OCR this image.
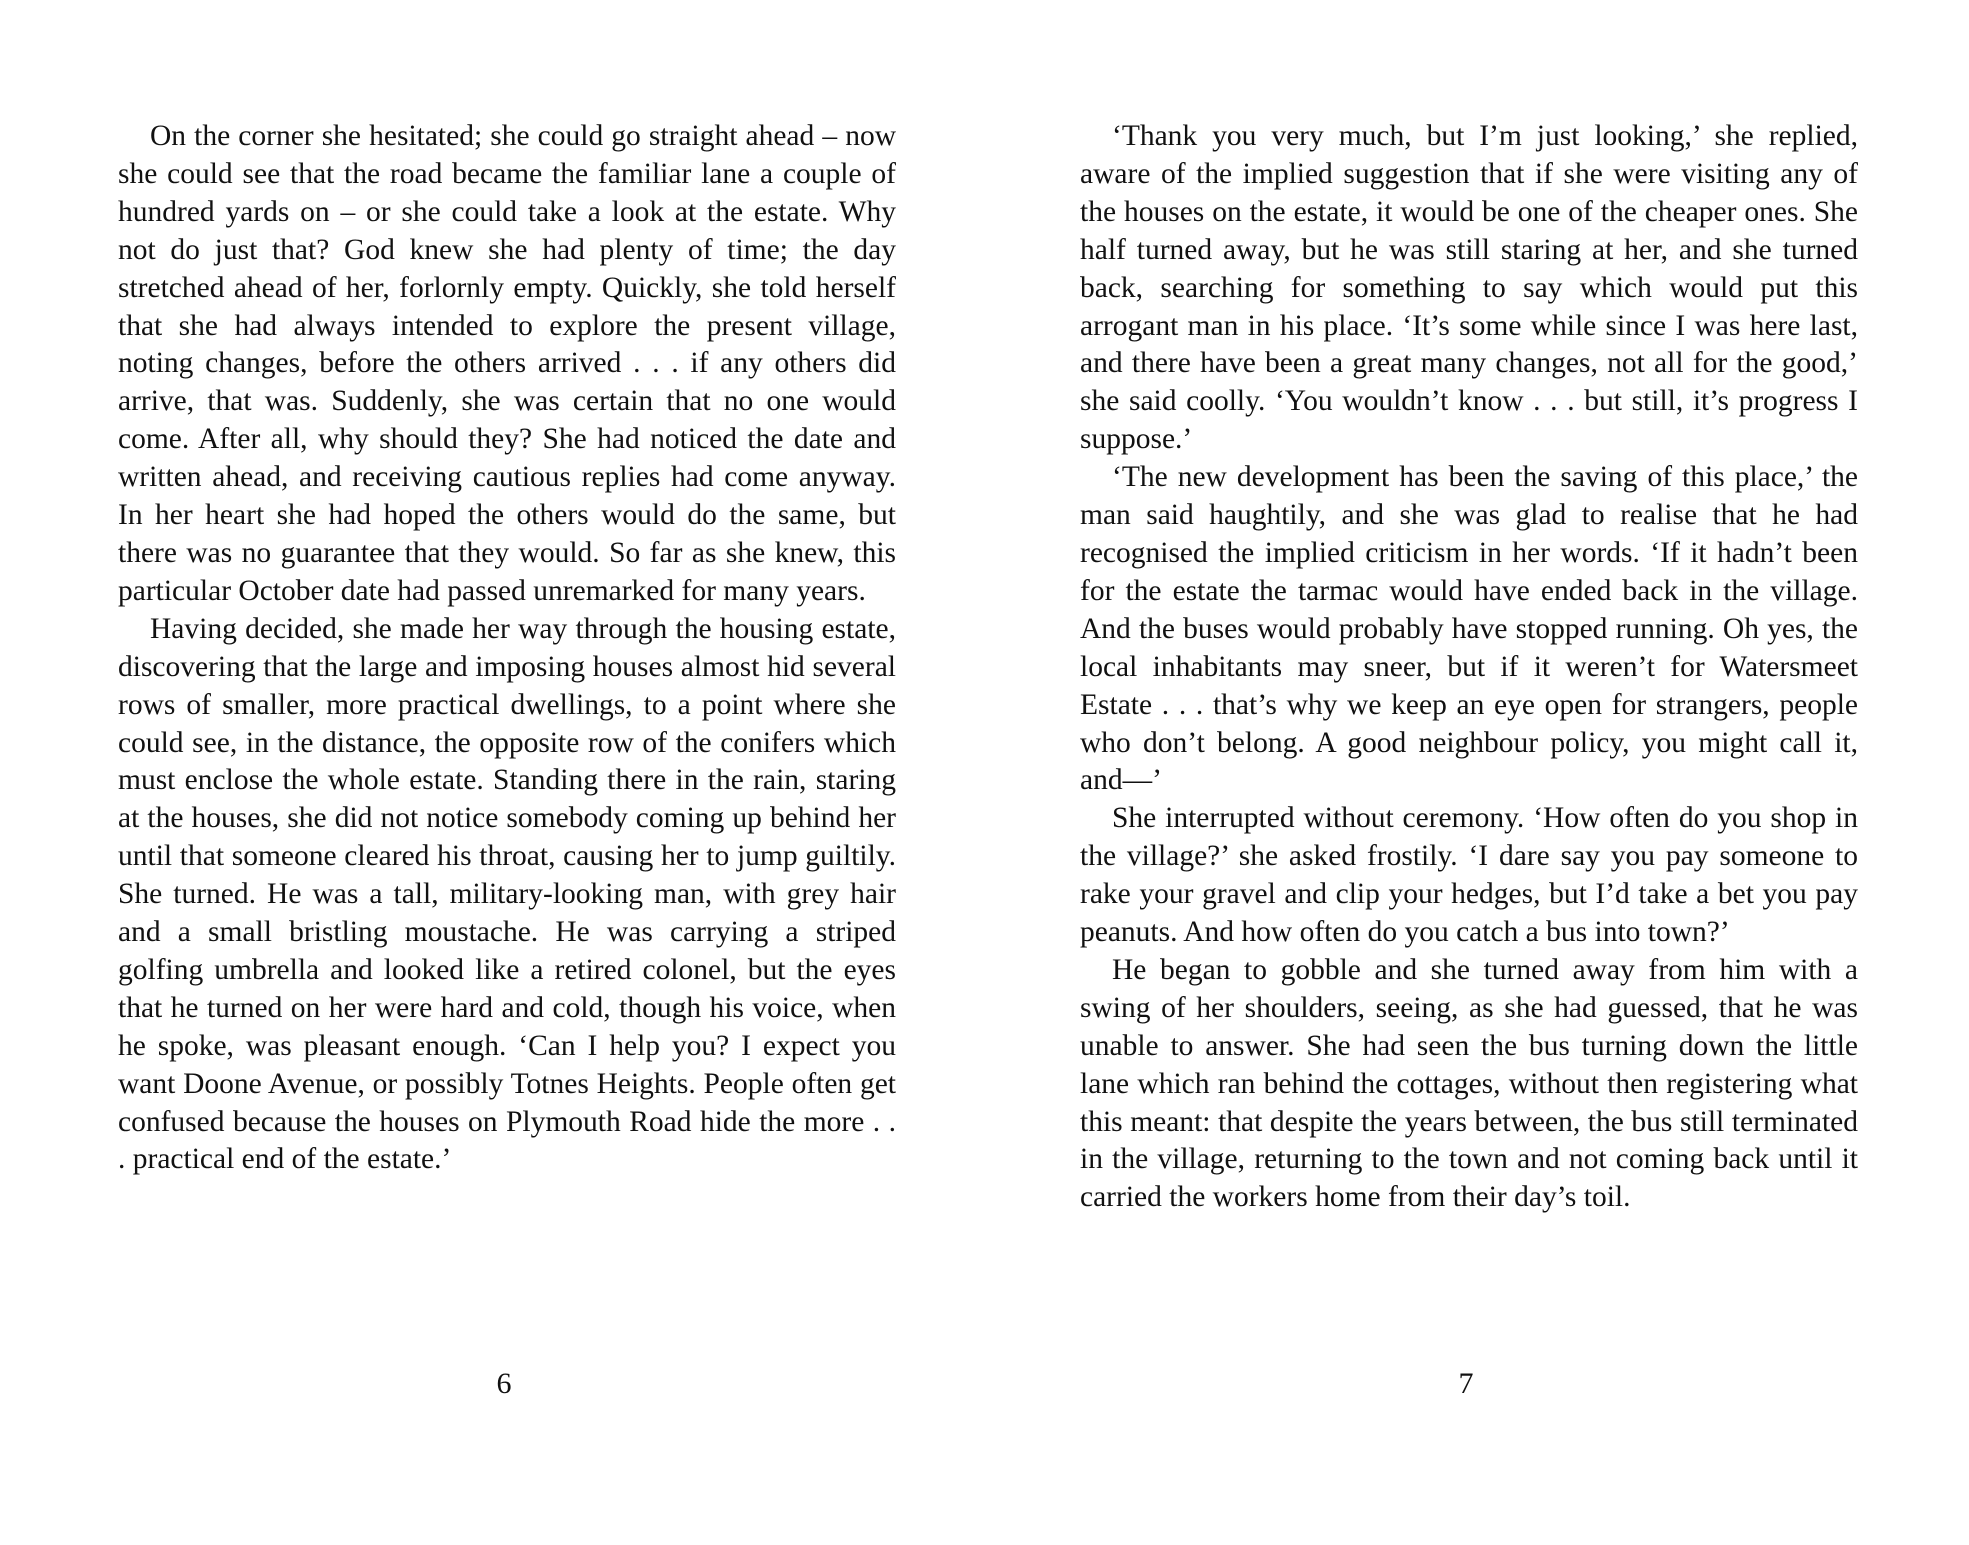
On the corner she hesitated; she could go straight ahead – now she could see that the road became the familiar lane a couple of hundred yards on – or she could take a look at the estate. Why not do just that? God knew she had plenty of time; the day stretched ahead of her, forlornly empty. Quickly, she told herself that she had always intended to explore the present village, noting changes, before the others arrived . . . if any others did arrive, that was. Suddenly, she was certain that no one would come. After all, why should they? She had noticed the date and written ahead, and receiving cautious replies had come anyway. In her heart she had hoped the others would do the same, but there was no guarantee that they would. So far as she knew, this particular October date had passed unremarked for many years.

Having decided, she made her way through the housing estate, discovering that the large and imposing houses almost hid several rows of smaller, more practical dwellings, to a point where she could see, in the distance, the opposite row of the conifers which must enclose the whole estate. Standing there in the rain, staring at the houses, she did not notice somebody coming up behind her until that someone cleared his throat, causing her to jump guiltily. She turned. He was a tall, military-looking man, with grey hair and a small bristling moustache. He was carrying a striped golfing umbrella and looked like a retired colonel, but the eyes that he turned on her were hard and cold, though his voice, when he spoke, was pleasant enough. ‘Can I help you? I expect you want Doone Avenue, or possibly Totnes Heights. People often get confused because the houses on Plymouth Road hide the more . . . practical end of the estate.’

6

‘Thank you very much, but I’m just looking,’ she replied, aware of the implied suggestion that if she were visiting any of the houses on the estate, it would be one of the cheaper ones. She half turned away, but he was still staring at her, and she turned back, searching for something to say which would put this arrogant man in his place. ‘It’s some while since I was here last, and there have been a great many changes, not all for the good,’ she said coolly. ‘You wouldn’t know . . . but still, it’s progress I suppose.’

‘The new development has been the saving of this place,’ the man said haughtily, and she was glad to realise that he had recognised the implied criticism in her words. ‘If it hadn’t been for the estate the tarmac would have ended back in the village. And the buses would probably have stopped running. Oh yes, the local inhabitants may sneer, but if it weren’t for Watersmeet Estate . . . that’s why we keep an eye open for strangers, people who don’t belong. A good neighbour policy, you might call it, and—’

She interrupted without ceremony. ‘How often do you shop in the village?’ she asked frostily. ‘I dare say you pay someone to rake your gravel and clip your hedges, but I’d take a bet you pay peanuts. And how often do you catch a bus into town?’

He began to gobble and she turned away from him with a swing of her shoulders, seeing, as she had guessed, that he was unable to answer. She had seen the bus turning down the little lane which ran behind the cottages, without then registering what this meant: that despite the years between, the bus still terminated in the village, returning to the town and not coming back until it carried the workers home from their day’s toil.

7
